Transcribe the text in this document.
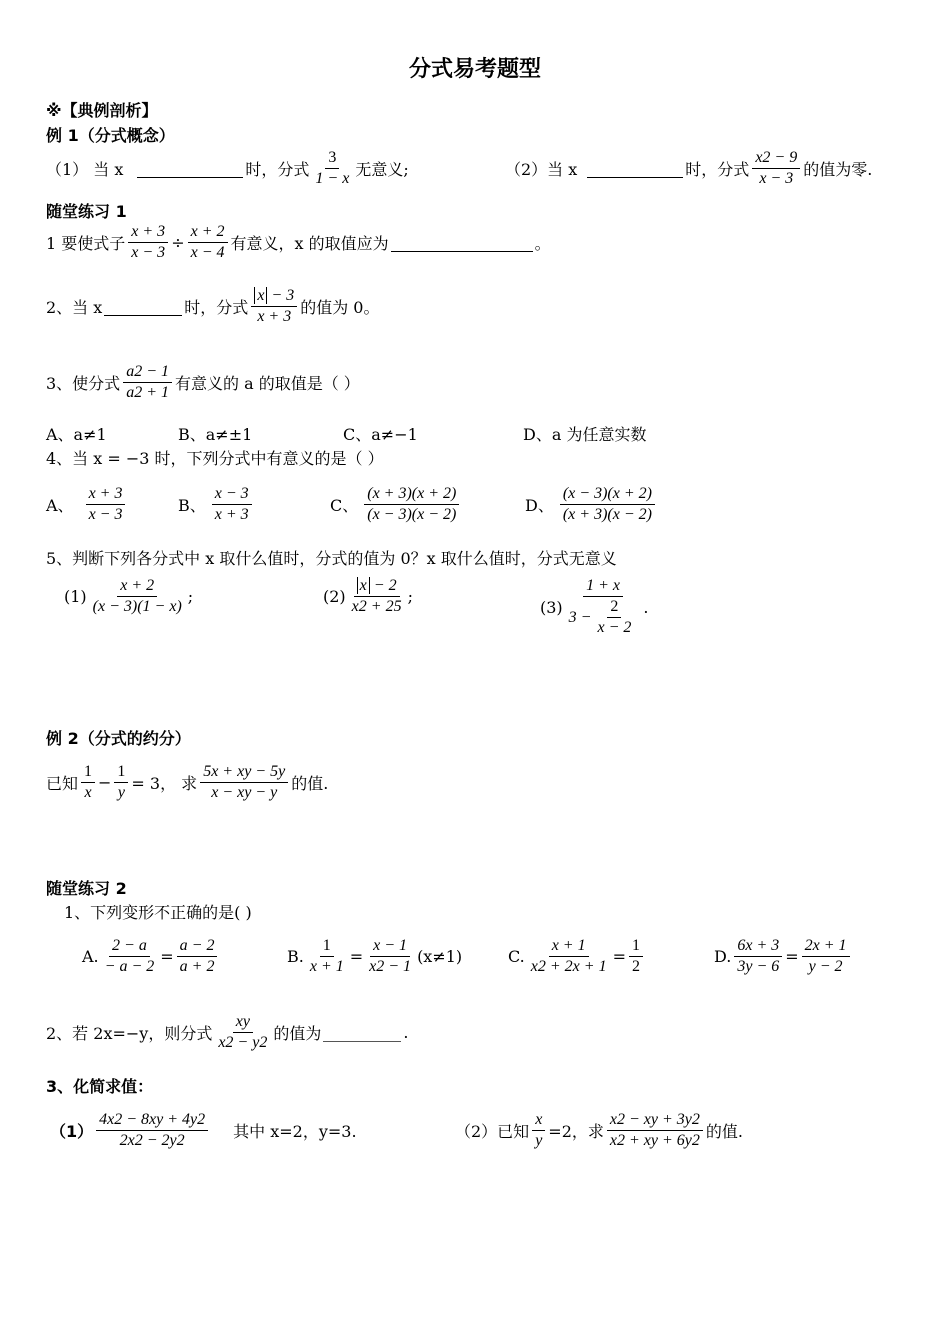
分式易考题型
※【典例剖析】
例 1（分式概念）
（1） 当 x	时，分式 $\frac{3}{1 - x}$ 无意义;	（2）当 x	时，分式 $\frac{x2 - 9}{x - 3}$ 的值为零.
随堂练习 1
1 要使式子 $\frac{x + 3}{x - 3} \div \frac{x + 2}{x - 4}$ 有意义，x 的取值应为	。
2、当 x	时，分式 $\frac{x - 3}{x + 3}$ 的值为 0。
3、使分式 $\frac{a2 - 1}{a2 + 1}$ 有意义的 a 的取值是（ ）
A、a≠1	B、a≠±1	C、a≠−1	D、a 为任意实数
4、当 x = −3 时，下列分式中有意义的是（ ）
A、 $\frac{x + 3}{x - 3}$	B、 $\frac{x - 3}{x + 3}$	C、 $\frac{(x + 3)(x + 2)}{(x - 3)(x - 2)}$	D、 $\frac{(x - 3)(x + 2)}{(x + 3)(x - 2)}$
5、判断下列各分式中 x 取什么值时，分式的值为 0？x 取什么值时，分式无意义
$(1) \frac{x + 2}{(x - 3)(1 - x)}$ ;	$(2) \frac{x - 2}{x2 + 25}$ ;
$(3) \frac{1 + x}{3 - \frac{2}{x - 2}}$ .
例 2（分式的约分）
已知 $\frac{1}{x} - \frac{1}{y} = 3$， 求 $\frac{5x + xy - 5y}{x - xy - y}$ 的值.
随堂练习 2
1、下列变形不正确的是( )
A. $\frac{2 - a}{- a - 2} = \frac{a - 2}{a + 2}$	B. $\frac{1}{x + 1} = \frac{x - 1}{x2 - 1} (x\ne 1)$	C. $\frac{x + 1}{x2 + 2x + 1} = \frac{1}{2}$	D. $\frac{6x + 3}{3y - 6} = \frac{2x + 1}{y - 2}$
2、若 2x=−y，则分式 $\frac{xy}{x2 - y2}$ 的值为	.
3、化简求值：
$(1) \frac{4x2 - 8xy + 4y2}{2x2 - 2y2}$ 其中 x=2，y=3.	（2）已知 $\frac{x}{y} =2$，求 $\frac{x2 - xy + 3y2}{x2 + xy + 6y2}$ 的值.
